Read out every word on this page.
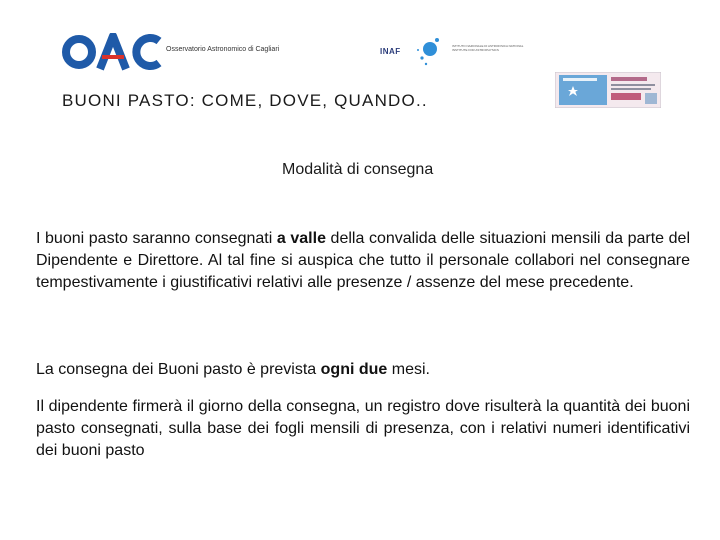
Osservatorio Astronomico di Cagliari	INAF
ISTITUTO NAZIONALE DI ASTROFISICA NATIONAL INSTITUTE FOR ASTROPHYSICS
BUONI PASTO: COME, DOVE, QUANDO..
Modalità di consegna

I buoni pasto saranno consegnati a valle della convalida delle situazioni mensili da parte del Dipendente e Direttore. Al tal fine si auspica che tutto il personale collabori nel consegnare tempestivamente i giustificativi relativi alle presenze / assenze del mese precedente.

La consegna dei Buoni pasto è prevista ogni due mesi.

Il dipendente firmerà il giorno della consegna, un registro dove risulterà la quantità dei buoni pasto consegnati, sulla base dei fogli mensili di presenza, con i relativi numeri identificativi dei buoni pasto
